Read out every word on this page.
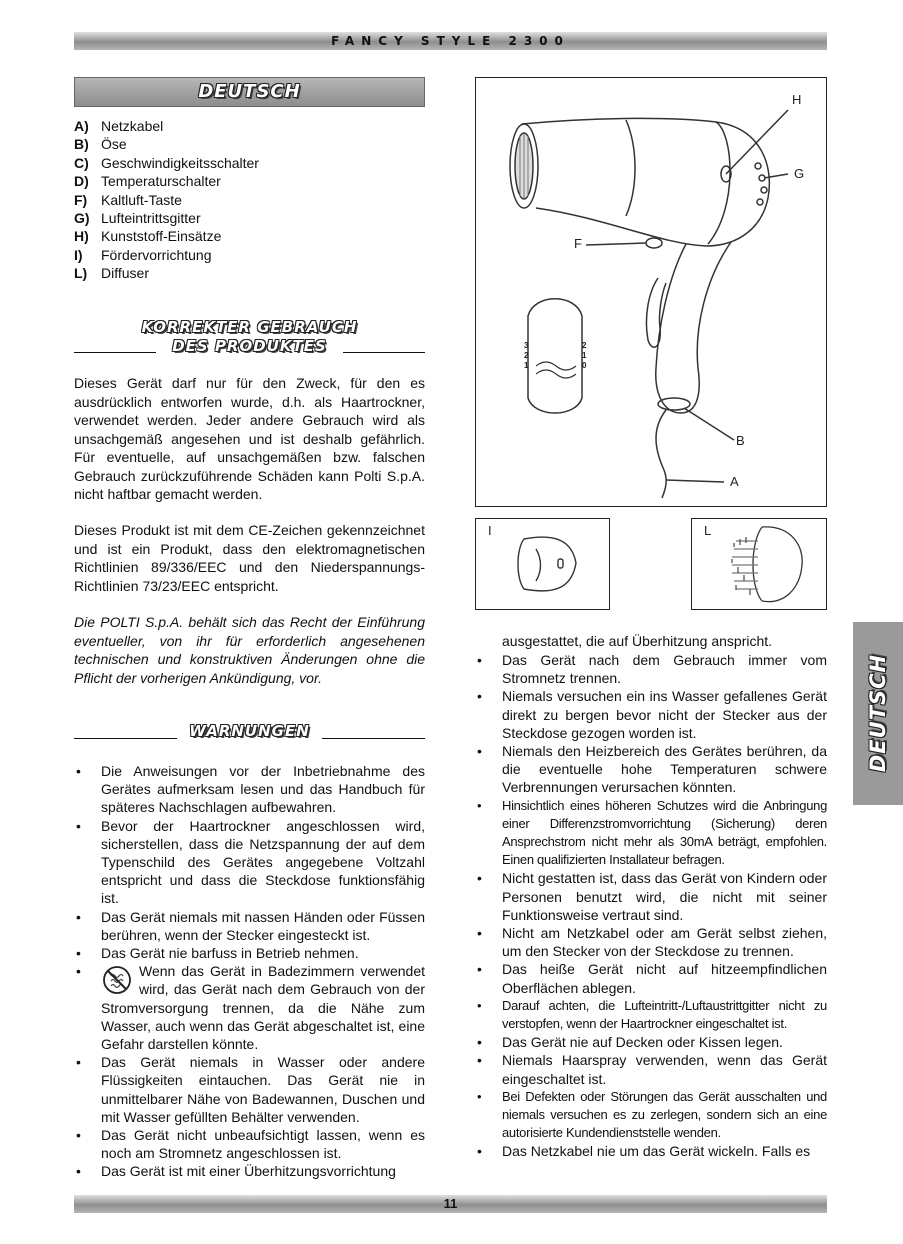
FANCY STYLE 2300
DEUTSCH
A) Netzkabel
B) Öse
C) Geschwindigkeitsschalter
D) Temperaturschalter
F) Kaltluft-Taste
G) Lufteintrittsgitter
H) Kunststoff-Einsätze
I) Fördervorrichtung
L) Diffuser
KORREKTER GEBRAUCH
DES PRODUKTES
Dieses Gerät darf nur für den Zweck, für den es ausdrücklich entworfen wurde, d.h. als Haartrockner, verwendet werden. Jeder andere Gebrauch wird als unsachgemäß angesehen und ist deshalb gefährlich. Für eventuelle, auf unsachgemäßen bzw. falschen Gebrauch zurückzuführende Schäden kann Polti S.p.A. nicht haftbar gemacht werden.
Dieses Produkt ist mit dem CE-Zeichen gekennzeichnet und ist ein Produkt, dass den elektromagnetischen Richtlinien 89/336/EEC und den Niederspannungs-Richtlinien 73/23/EEC entspricht.
Die POLTI S.p.A. behält sich das Recht der Einführung eventueller, von ihr für erforderlich angesehenen technischen und konstruktiven Änderungen ohne die Pflicht der vorherigen Ankündigung, vor.
WARNUNGEN
• Die Anweisungen vor der Inbetriebnahme des Gerätes aufmerksam lesen und das Handbuch für späteres Nachschlagen aufbewahren.
• Bevor der Haartrockner angeschlossen wird, sicherstellen, dass die Netzspannung der auf dem Typenschild des Gerätes angegebene Voltzahl entspricht und dass die Steckdose funktionsfähig ist.
• Das Gerät niemals mit nassen Händen oder Füssen berühren, wenn der Stecker eingesteckt ist.
• Das Gerät nie barfuss in Betrieb nehmen.
• Wenn das Gerät in Badezimmern verwendet wird, das Gerät nach dem Gebrauch von der Stromversorgung trennen, da die Nähe zum Wasser, auch wenn das Gerät abgeschaltet ist, eine Gefahr darstellen könnte.
• Das Gerät niemals in Wasser oder andere Flüssigkeiten eintauchen. Das Gerät nie in unmittelbarer Nähe von Badewannen, Duschen und mit Wasser gefüllten Behälter verwenden.
• Das Gerät nicht unbeaufsichtigt lassen, wenn es noch am Stromnetz angeschlossen ist.
• Das Gerät ist mit einer Überhitzungsvorrichtung
H
G
F
B
A
3
2
1
2
1
0
I	L
ausgestattet, die auf Überhitzung anspricht.
• Das Gerät nach dem Gebrauch immer vom Stromnetz trennen.
• Niemals versuchen ein ins Wasser gefallenes Gerät direkt zu bergen bevor nicht der Stecker aus der Steckdose gezogen worden ist.
• Niemals den Heizbereich des Gerätes berühren, da die eventuelle hohe Temperaturen schwere Verbrennungen verursachen könnten.
• Hinsichtlich eines höheren Schutzes wird die Anbringung einer Differenzstromvorrichtung (Sicherung) deren Ansprechstrom nicht mehr als 30mA beträgt, empfohlen. Einen qualifizierten Installateur befragen.
• Nicht gestatten ist, dass das Gerät von Kindern oder Personen benutzt wird, die nicht mit seiner Funktionsweise vertraut sind.
• Nicht am Netzkabel oder am Gerät selbst ziehen, um den Stecker von der Steckdose zu trennen.
• Das heiße Gerät nicht auf hitzeempfindlichen Oberflächen ablegen.
• Darauf achten, die Lufteintritt-/Luftaustrittgitter nicht zu verstopfen, wenn der Haartrockner eingeschaltet ist.
• Das Gerät nie auf Decken oder Kissen legen.
• Niemals Haarspray verwenden, wenn das Gerät eingeschaltet ist.
• Bei Defekten oder Störungen das Gerät ausschalten und niemals versuchen es zu zerlegen, sondern sich an eine autorisierte Kundendienststelle wenden.
• Das Netzkabel nie um das Gerät wickeln. Falls es
DEUTSCH
11
